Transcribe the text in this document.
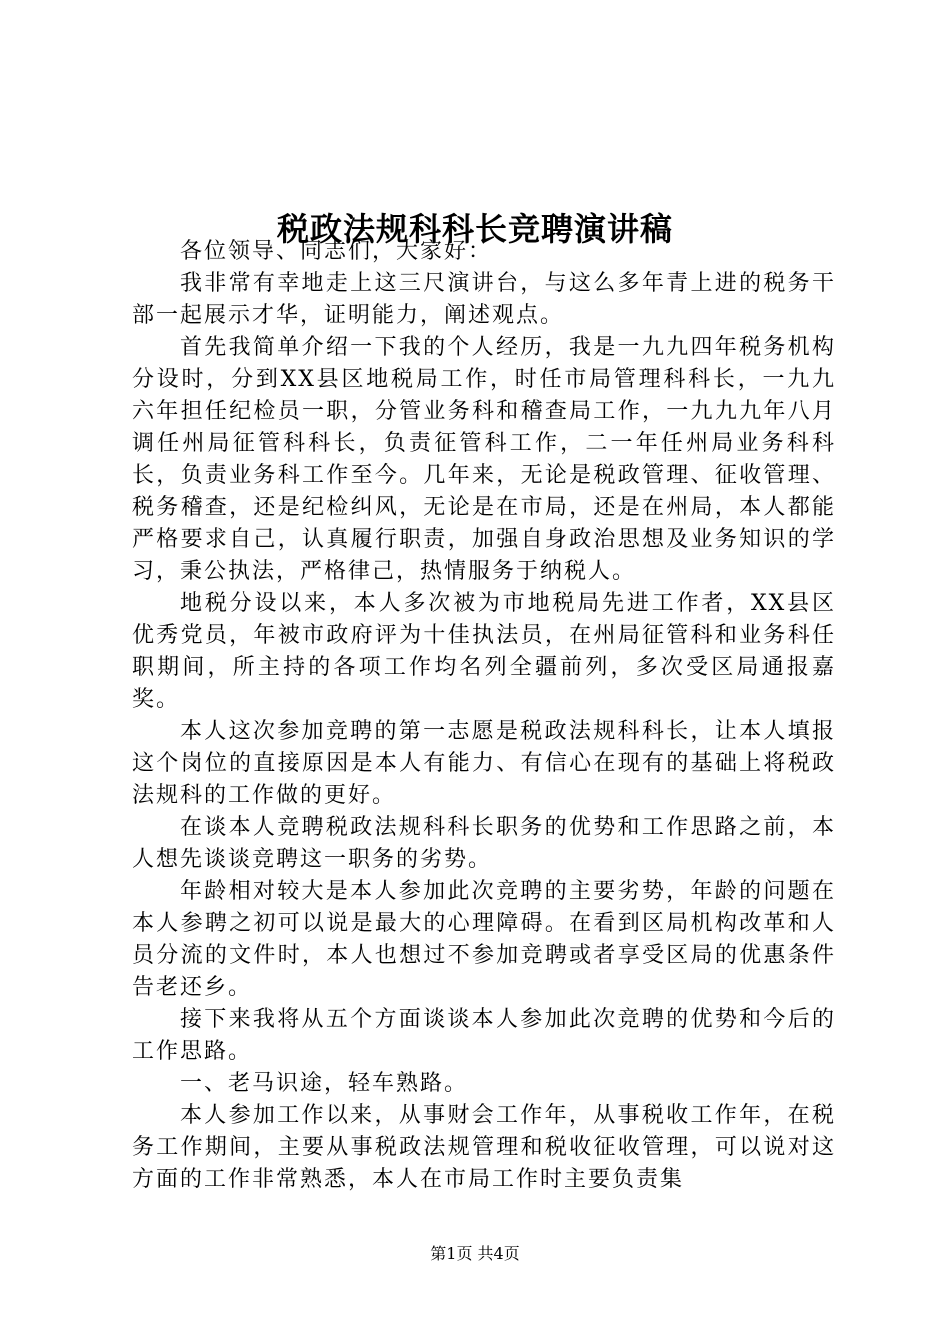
税政法规科科长竞聘演讲稿

各位领导、同志们，大家好：

我非常有幸地走上这三尺演讲台，与这么多年青上进的税务干部一起展示才华，证明能力，阐述观点。

首先我简单介绍一下我的个人经历，我是一九九四年税务机构分设时，分到XX县区地税局工作，时任市局管理科科长，一九九六年担任纪检员一职，分管业务科和稽查局工作，一九九九年八月调任州局征管科科长，负责征管科工作，二一年任州局业务科科长，负责业务科工作至今。几年来，无论是税政管理、征收管理、税务稽查，还是纪检纠风，无论是在市局，还是在州局，本人都能严格要求自己，认真履行职责，加强自身政治思想及业务知识的学习，秉公执法，严格律己，热情服务于纳税人。

地税分设以来，本人多次被为市地税局先进工作者，XX县区优秀党员，年被市政府评为十佳执法员，在州局征管科和业务科任职期间，所主持的各项工作均名列全疆前列，多次受区局通报嘉奖。

本人这次参加竞聘的第一志愿是税政法规科科长，让本人填报这个岗位的直接原因是本人有能力、有信心在现有的基础上将税政法规科的工作做的更好。

在谈本人竞聘税政法规科科长职务的优势和工作思路之前，本人想先谈谈竞聘这一职务的劣势。

年龄相对较大是本人参加此次竞聘的主要劣势，年龄的问题在本人参聘之初可以说是最大的心理障碍。在看到区局机构改革和人员分流的文件时，本人也想过不参加竞聘或者享受区局的优惠条件告老还乡。

接下来我将从五个方面谈谈本人参加此次竞聘的优势和今后的工作思路。

一、老马识途，轻车熟路。

本人参加工作以来，从事财会工作年，从事税收工作年，在税务工作期间，主要从事税政法规管理和税收征收管理，可以说对这方面的工作非常熟悉，本人在市局工作时主要负责集

第1页 共4页
